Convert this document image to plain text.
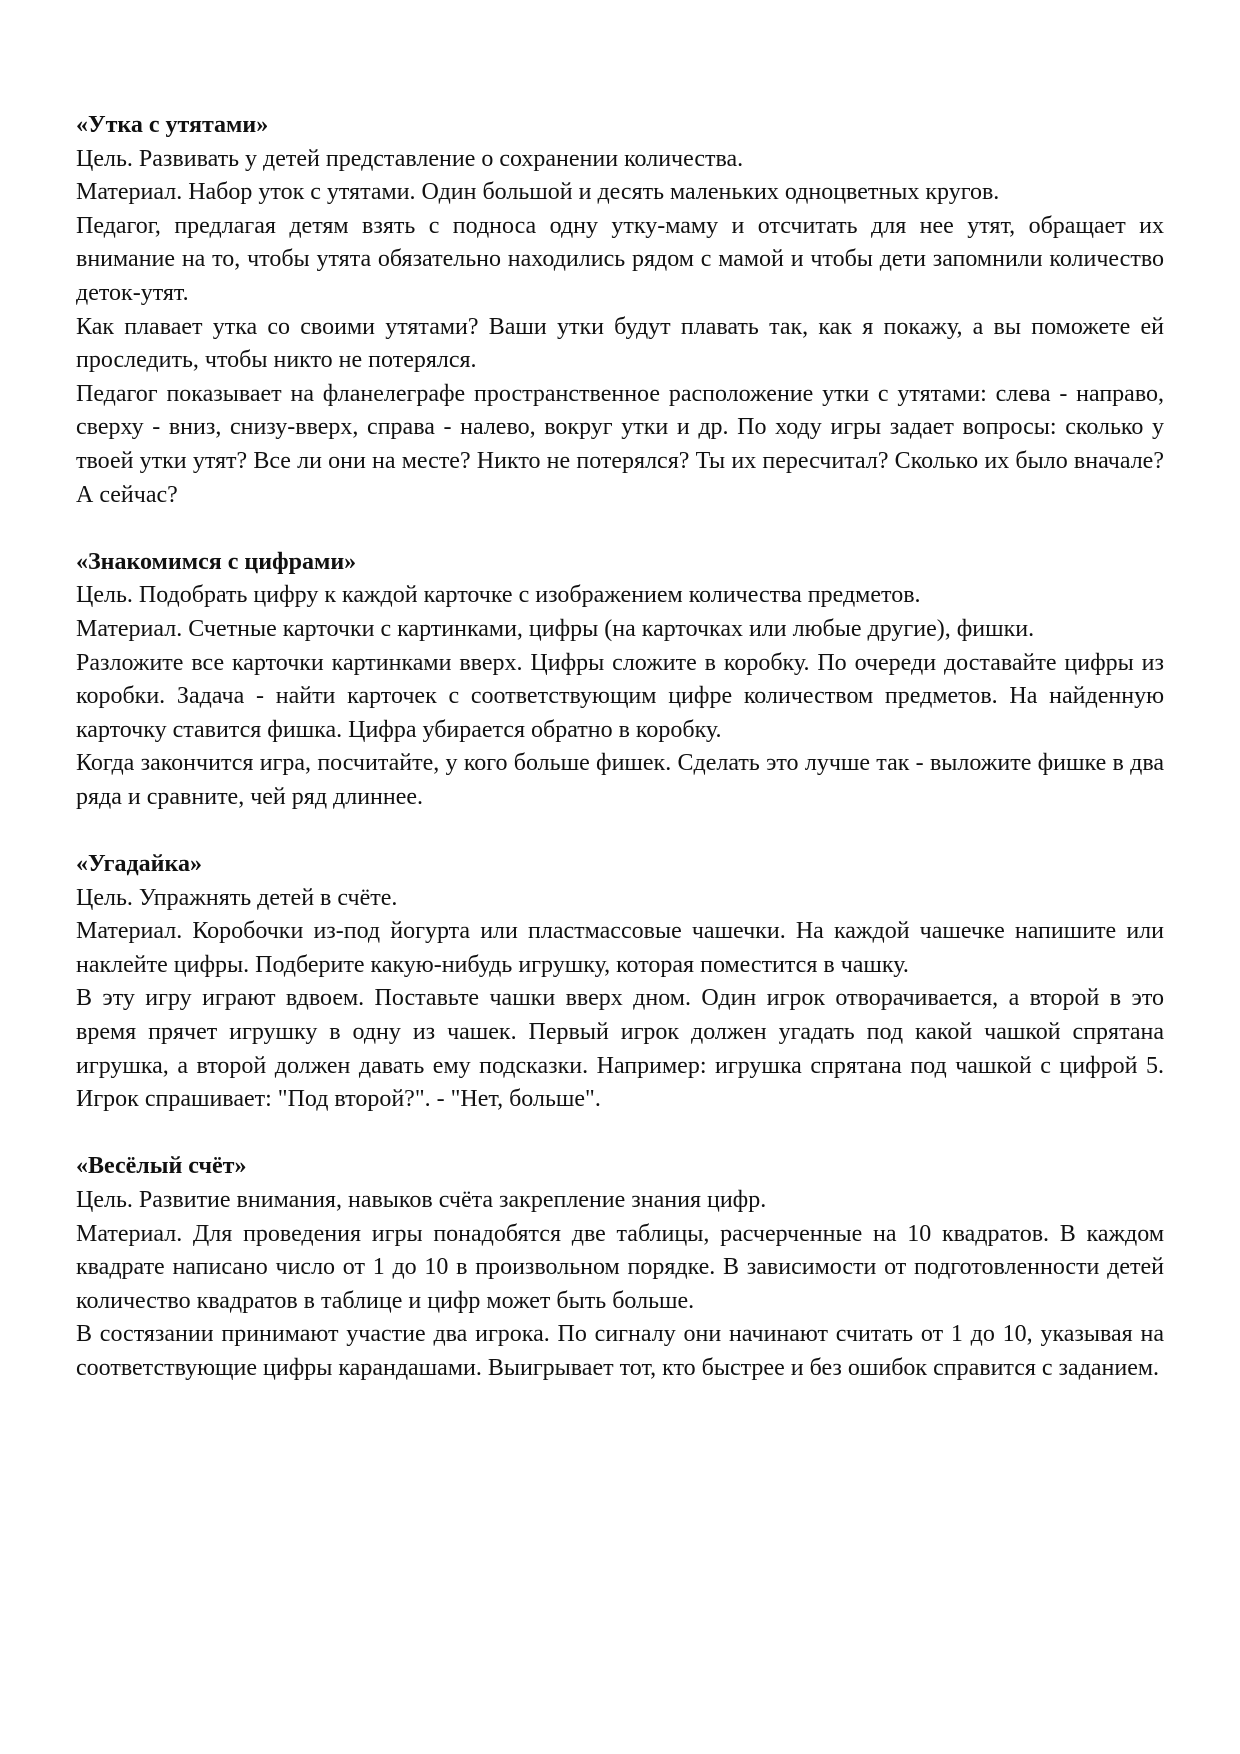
«Утка с утятами»

Цель. Развивать у детей представление о сохранении количества.

Материал. Набор уток с утятами. Один большой и десять маленьких одноцветных кругов.

Педагог, предлагая детям взять с подноса одну утку-маму и отсчитать для нее утят, обращает их внимание на то, чтобы утята обязательно находились рядом с мамой и чтобы дети запомнили количество деток-утят.

Как плавает утка со своими утятами? Ваши утки будут плавать так, как я покажу, а вы поможете ей проследить, чтобы никто не потерялся.

Педагог показывает на фланелеграфе пространственное расположение утки с утятами: слева - направо, сверху - вниз, снизу-вверх, справа - налево, вокруг утки и др. По ходу игры задает вопросы: сколько у твоей утки утят? Все ли они на месте? Никто не потерялся? Ты их пересчитал? Сколько их было вначале? А сейчас?

«Знакомимся с цифрами»

Цель. Подобрать цифру к каждой карточке с изображением количества предметов.

Материал. Счетные карточки с картинками, цифры (на карточках или любые другие), фишки.

Разложите все карточки картинками вверх. Цифры сложите в коробку. По очереди доставайте цифры из коробки. Задача - найти карточек с соответствующим цифре количеством предметов. На найденную карточку ставится фишка. Цифра убирается обратно в коробку.

Когда закончится игра, посчитайте, у кого больше фишек. Сделать это лучше так - выложите фишке в два ряда и сравните, чей ряд длиннее.

«Угадайка»

Цель. Упражнять детей в счёте.

Материал. Коробочки из-под йогурта или пластмассовые чашечки. На каждой чашечке напишите или наклейте цифры. Подберите какую-нибудь игрушку, которая поместится в чашку.

В эту игру играют вдвоем. Поставьте чашки вверх дном. Один игрок отворачивается, а второй в это время прячет игрушку в одну из чашек. Первый игрок должен угадать под какой чашкой спрятана игрушка, а второй должен давать ему подсказки. Например: игрушка спрятана под чашкой с цифрой 5. Игрок спрашивает: "Под второй?". - "Нет, больше".

«Весёлый счёт»

Цель. Развитие внимания, навыков счёта закрепление знания цифр.

Материал. Для проведения игры понадобятся две таблицы, расчерченные на 10 квадратов. В каждом квадрате написано число от 1 до 10 в произвольном порядке. В зависимости от подготовленности детей количество квадратов в таблице и цифр может быть больше.

В состязании принимают участие два игрока. По сигналу они начинают считать от 1 до 10, указывая на соответствующие цифры карандашами. Выигрывает тот, кто быстрее и без ошибок справится с заданием.
